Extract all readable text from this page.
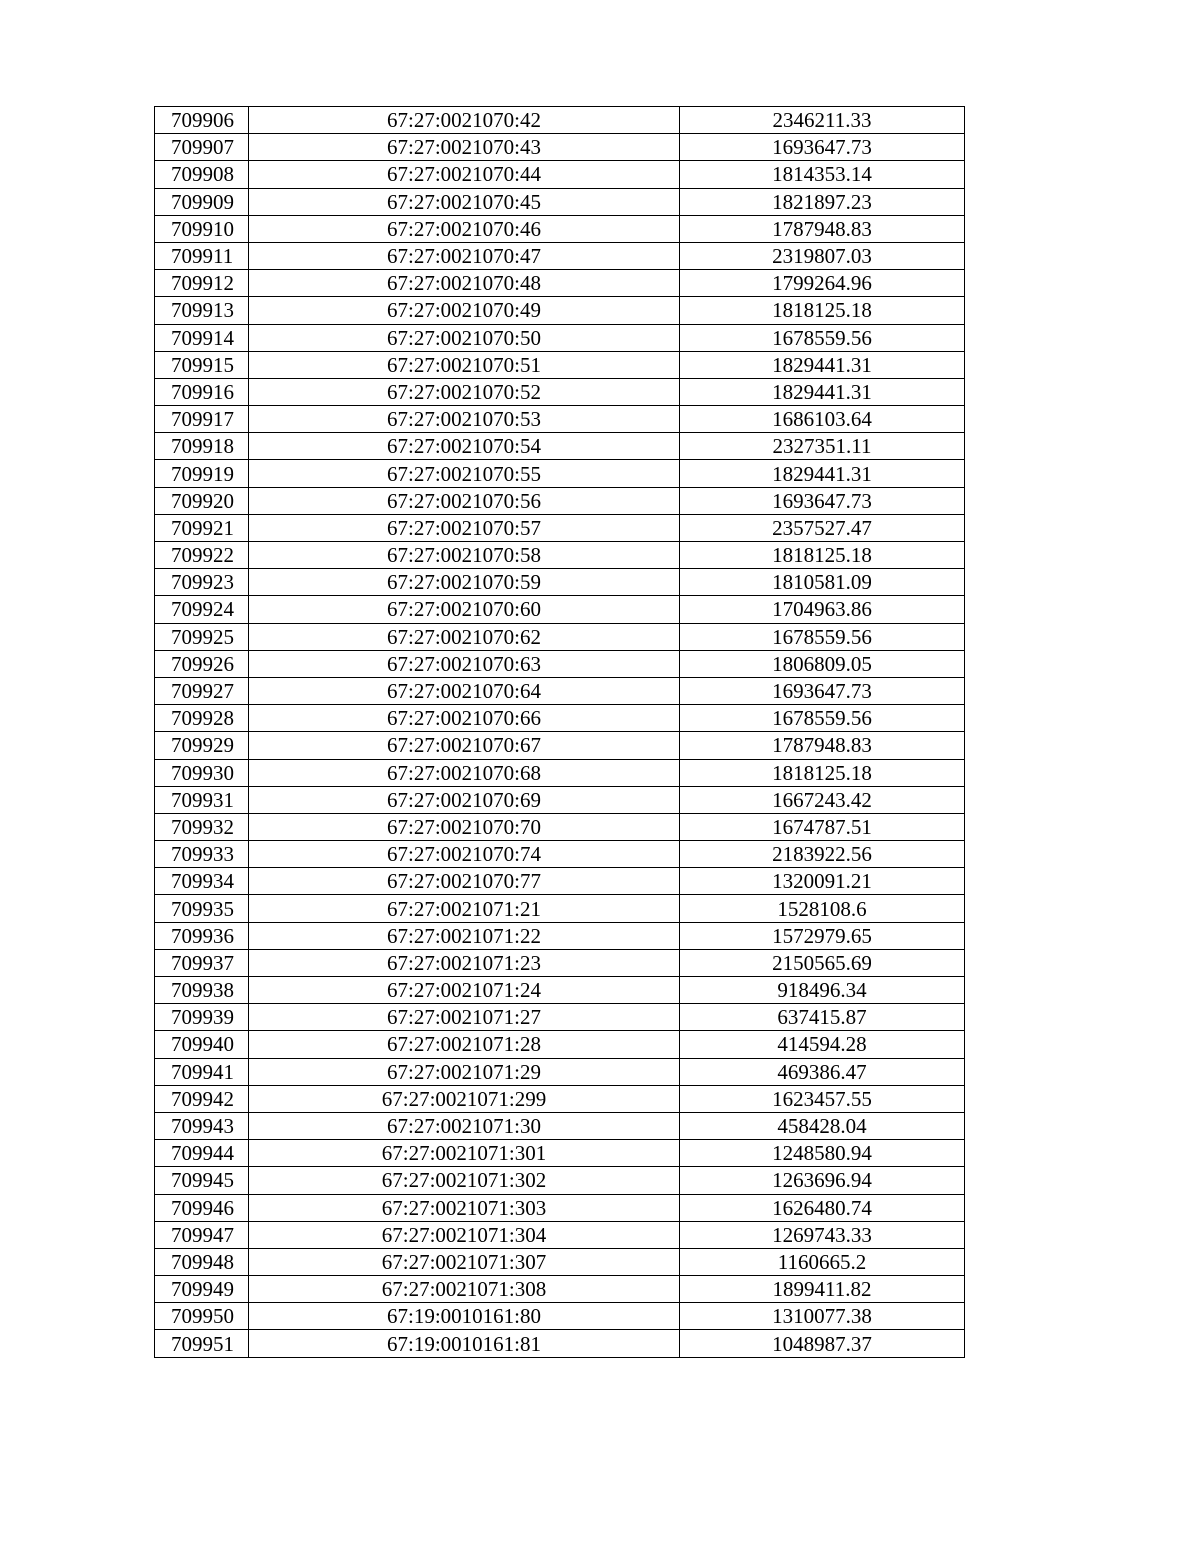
709906	67:27:0021070:42	2346211.33
709907	67:27:0021070:43	1693647.73
709908	67:27:0021070:44	1814353.14
709909	67:27:0021070:45	1821897.23
709910	67:27:0021070:46	1787948.83
709911	67:27:0021070:47	2319807.03
709912	67:27:0021070:48	1799264.96
709913	67:27:0021070:49	1818125.18
709914	67:27:0021070:50	1678559.56
709915	67:27:0021070:51	1829441.31
709916	67:27:0021070:52	1829441.31
709917	67:27:0021070:53	1686103.64
709918	67:27:0021070:54	2327351.11
709919	67:27:0021070:55	1829441.31
709920	67:27:0021070:56	1693647.73
709921	67:27:0021070:57	2357527.47
709922	67:27:0021070:58	1818125.18
709923	67:27:0021070:59	1810581.09
709924	67:27:0021070:60	1704963.86
709925	67:27:0021070:62	1678559.56
709926	67:27:0021070:63	1806809.05
709927	67:27:0021070:64	1693647.73
709928	67:27:0021070:66	1678559.56
709929	67:27:0021070:67	1787948.83
709930	67:27:0021070:68	1818125.18
709931	67:27:0021070:69	1667243.42
709932	67:27:0021070:70	1674787.51
709933	67:27:0021070:74	2183922.56
709934	67:27:0021070:77	1320091.21
709935	67:27:0021071:21	1528108.6
709936	67:27:0021071:22	1572979.65
709937	67:27:0021071:23	2150565.69
709938	67:27:0021071:24	918496.34
709939	67:27:0021071:27	637415.87
709940	67:27:0021071:28	414594.28
709941	67:27:0021071:29	469386.47
709942	67:27:0021071:299	1623457.55
709943	67:27:0021071:30	458428.04
709944	67:27:0021071:301	1248580.94
709945	67:27:0021071:302	1263696.94
709946	67:27:0021071:303	1626480.74
709947	67:27:0021071:304	1269743.33
709948	67:27:0021071:307	1160665.2
709949	67:27:0021071:308	1899411.82
709950	67:19:0010161:80	1310077.38
709951	67:19:0010161:81	1048987.37
